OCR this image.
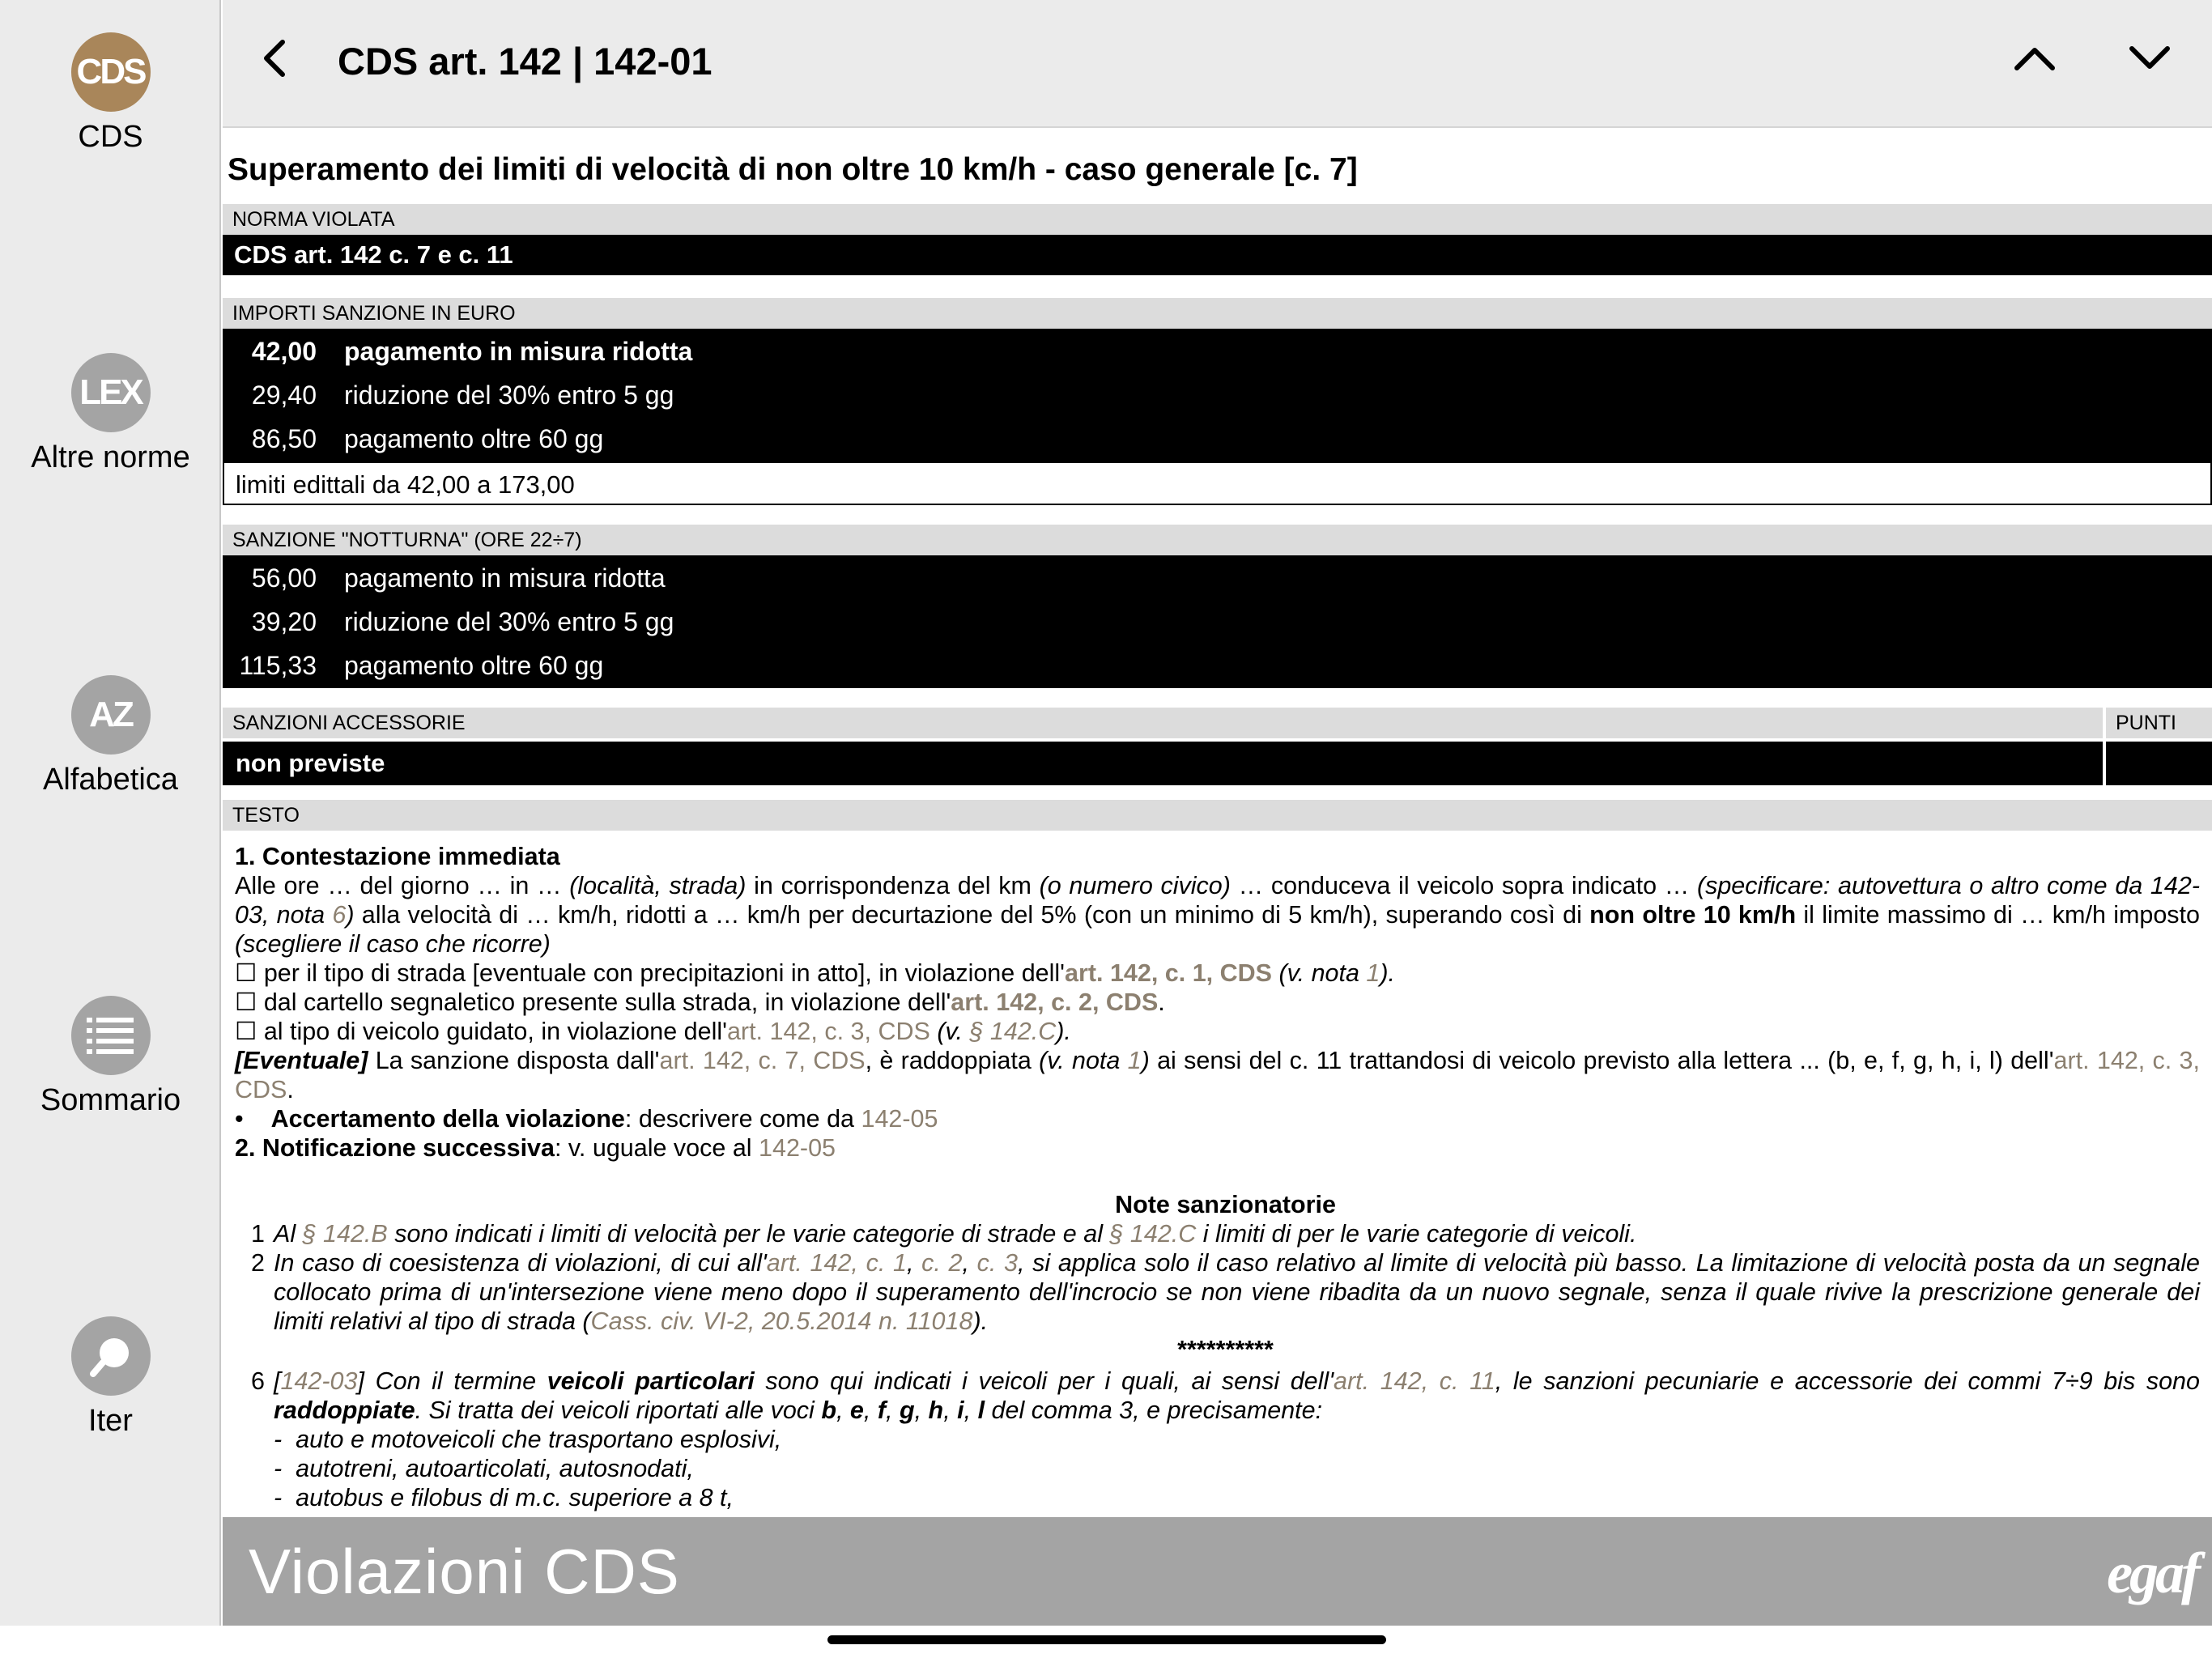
CDS
CDS
LEX
Altre norme
AZ
Alfabetica
Sommario
Iter
CDS art. 142 | 142-01
Superamento dei limiti di velocità di non oltre 10 km/h - caso generale [c. 7]
NORMA VIOLATA
CDS art. 142 c. 7 e c. 11
IMPORTI SANZIONE IN EURO
42,00 pagamento in misura ridotta
29,40 riduzione del 30% entro 5 gg
86,50 pagamento oltre 60 gg
limiti edittali da 42,00 a 173,00
SANZIONE "NOTTURNA" (ORE 22÷7)
56,00 pagamento in misura ridotta
39,20 riduzione del 30% entro 5 gg
115,33 pagamento oltre 60 gg
SANZIONI ACCESSORIE	PUNTI
non previste
TESTO

1. Contestazione immediata

Alle ore … del giorno … in … (località, strada) in corrispondenza del km (o numero civico) … conduceva il veicolo sopra indicato … (specificare: autovettura o altro come da 142-03, nota 6) alla velocità di … km/h, ridotti a … km/h per decurtazione del 5% (con un minimo di 5 km/h), superando così di non oltre 10 km/h il limite massimo di … km/h imposto (scegliere il caso che ricorre)

☐ per il tipo di strada [eventuale con precipitazioni in atto], in violazione dell'art. 142, c. 1, CDS (v. nota 1).

☐ dal cartello segnaletico presente sulla strada, in violazione dell'art. 142, c. 2, CDS.

☐ al tipo di veicolo guidato, in violazione dell'art. 142, c. 3, CDS (v. § 142.C).

[Eventuale] La sanzione disposta dall'art. 142, c. 7, CDS, è raddoppiata (v. nota 1) ai sensi del c. 11 trattandosi di veicolo previsto alla lettera ... (b, e, f, g, h, i, l) dell'art. 142, c. 3, CDS.

• Accertamento della violazione: descrivere come da 142-05

2. Notificazione successiva: v. uguale voce al 142-05

Note sanzionatorie

1 Al § 142.B sono indicati i limiti di velocità per le varie categorie di strade e al § 142.C i limiti di per le varie categorie di veicoli.
2 In caso di coesistenza di violazioni, di cui all'art. 142, c. 1, c. 2, c. 3, si applica solo il caso relativo al limite di velocità più basso. La limitazione di velocità posta da un segnale collocato prima di un'intersezione viene meno dopo il superamento dell'incrocio se non viene ribadita da un nuovo segnale, senza il quale rivive la prescrizione generale dei limiti relativi al tipo di strada (Cass. civ. VI-2, 20.5.2014 n. 11018).

**********

6 [142-03] Con il termine veicoli particolari sono qui indicati i veicoli per i quali, ai sensi dell'art. 142, c. 11, le sanzioni pecuniarie e accessorie dei commi 7÷9 bis sono raddoppiate. Si tratta dei veicoli riportati alle voci b, e, f, g, h, i, l del comma 3, e precisamente:
- auto e motoveicoli che trasportano esplosivi,
- autotreni, autoarticolati, autosnodati,
- autobus e filobus di m.c. superiore a 8 t,
Violazioni CDS	egaf
